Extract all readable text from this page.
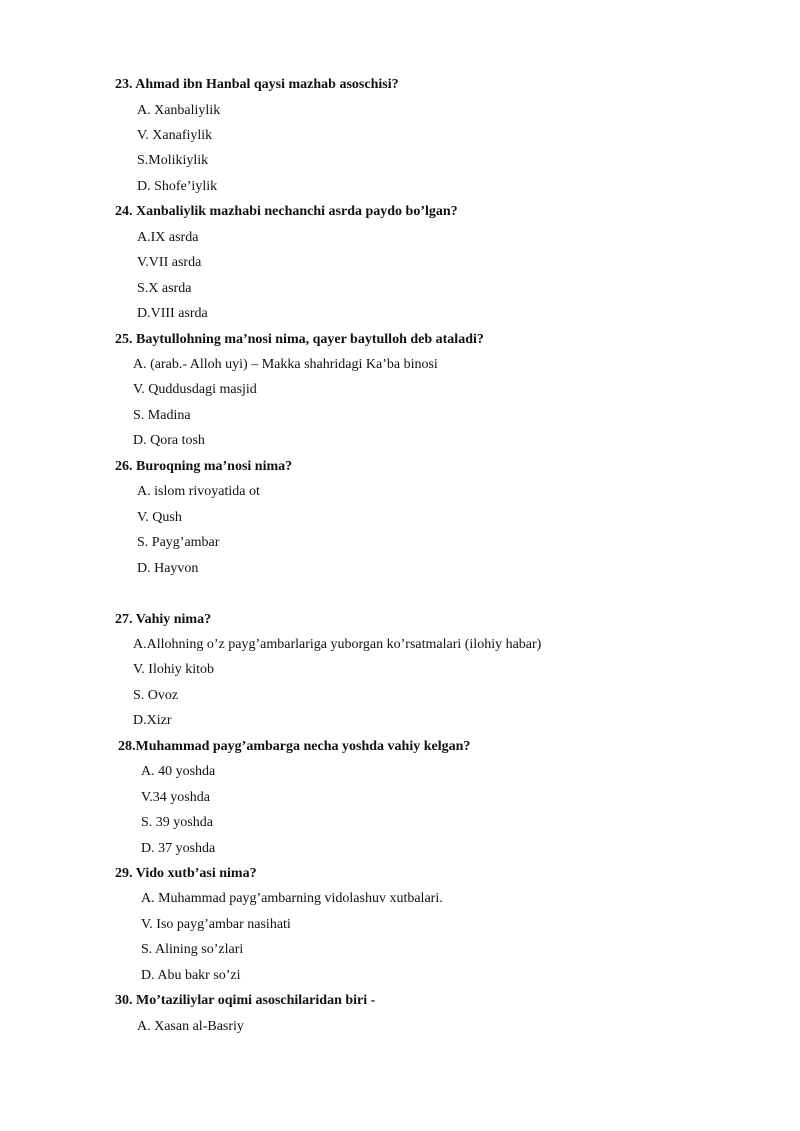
23. Ahmad ibn Hanbal qaysi mazhab asoschisi?
A. Xanbaliylik
V. Xanafiylik
S.Molikiylik
D. Shofe’iylik
24. Xanbaliylik mazhabi nechanchi asrda paydo bo’lgan?
A.IX asrda
V.VII asrda
S.X asrda
D.VIII asrda
25. Baytullohning ma’nosi nima, qayer baytulloh deb ataladi?
A. (arab.- Alloh uyi) – Makka shahridagi Ka’ba binosi
V. Quddusdagi masjid
S. Madina
D. Qora tosh
26. Buroqning ma’nosi nima?
A. islom rivoyatida ot
V. Qush
S. Payg’ambar
D. Hayvon
27. Vahiy nima?
A.Allohning o’z payg’ambarlariga yuborgan ko’rsatmalari (ilohiy habar)
V. Ilohiy kitob
S. Ovoz
D.Xizr
28.Muhammad payg’ambarga necha yoshda vahiy kelgan?
A. 40 yoshda
V.34 yoshda
S. 39 yoshda
D. 37 yoshda
29. Vido xutb’asi nima?
A. Muhammad payg’ambarning vidolashuv xutbalari.
V. Iso payg’ambar nasihati
S. Alining so’zlari
D. Abu bakr so’zi
30. Mo’taziliylar oqimi asoschilaridan biri -
A. Xasan al-Basriy
